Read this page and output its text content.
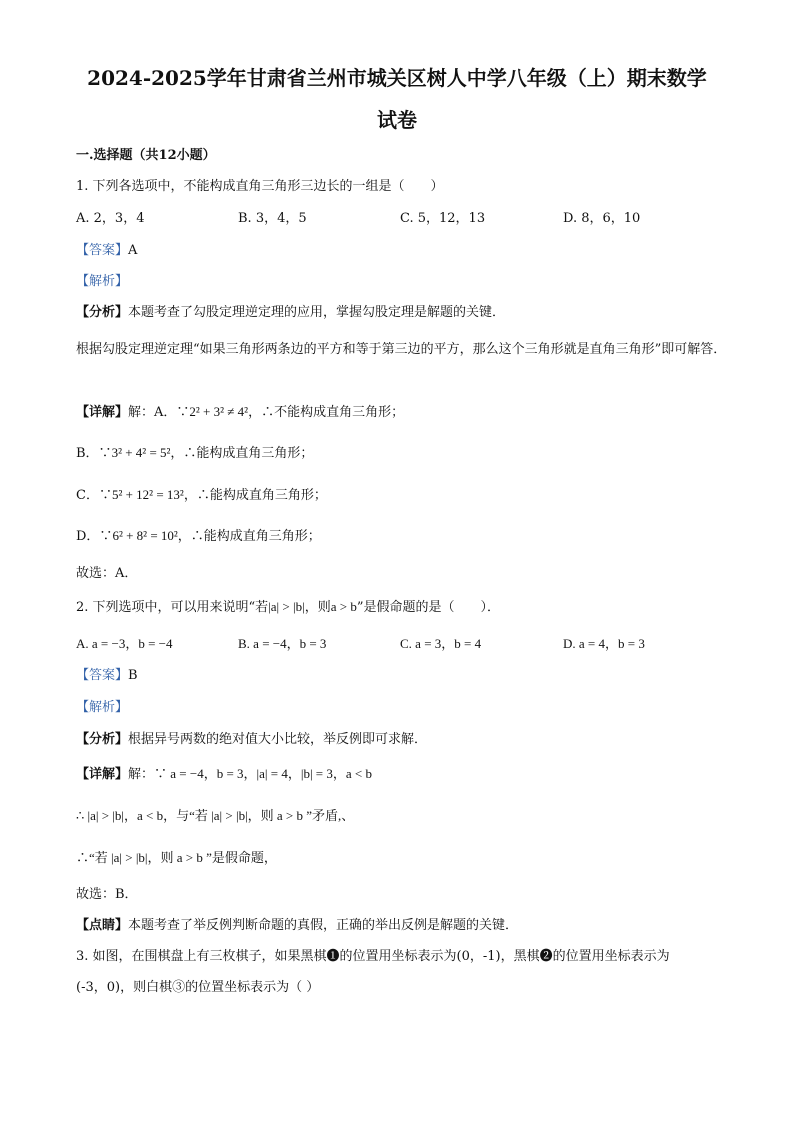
2024-2025学年甘肃省兰州市城关区树人中学八年级（上）期末数学
试卷
一.选择题（共12小题）
1. 下列各选项中，不能构成直角三角形三边长的一组是（　　）
A. 2，3，4	B. 3，4，5	C. 5，12，13	D. 8，6，10
【答案】A
【解析】
【分析】本题考查了勾股定理逆定理的应用，掌握勾股定理是解题的关键．
根据勾股定理逆定理“如果三角形两条边的平方和等于第三边的平方，那么这个三角形就是直角三角形”即可解答．
【详解】解：A．∵2² + 3² ≠ 4²，∴不能构成直角三角形；
B．∵3² + 4² = 5²，∴能构成直角三角形；
C．∵5² + 12² = 13²，∴能构成直角三角形；
D．∵6² + 8² = 10²，∴能构成直角三角形；
故选：A．
2. 下列选项中，可以用来说明“若|a| > |b|，则a > b”是假命题的是（　　）．
A. a = −3，b = −4	B. a = −4，b = 3	C. a = 3，b = 4	D. a = 4，b = 3
【答案】B
【解析】
【分析】根据异号两数的绝对值大小比较，举反例即可求解．
【详解】解：∵ a = −4，b = 3，|a| = 4，|b| = 3，a < b
∴ |a| > |b|，a < b，与“若 |a| > |b|，则 a > b ”矛盾,、
∴“若 |a| > |b|，则 a > b ”是假命题，
故选：B．
【点睛】本题考查了举反例判断命题的真假，正确的举出反例是解题的关键．
3. 如图，在围棋盘上有三枚棋子，如果黑棋❶的位置用坐标表示为(0，-1)，黑棋❷的位置用坐标表示为
(-3，0)，则白棋③的位置坐标表示为（ ）
